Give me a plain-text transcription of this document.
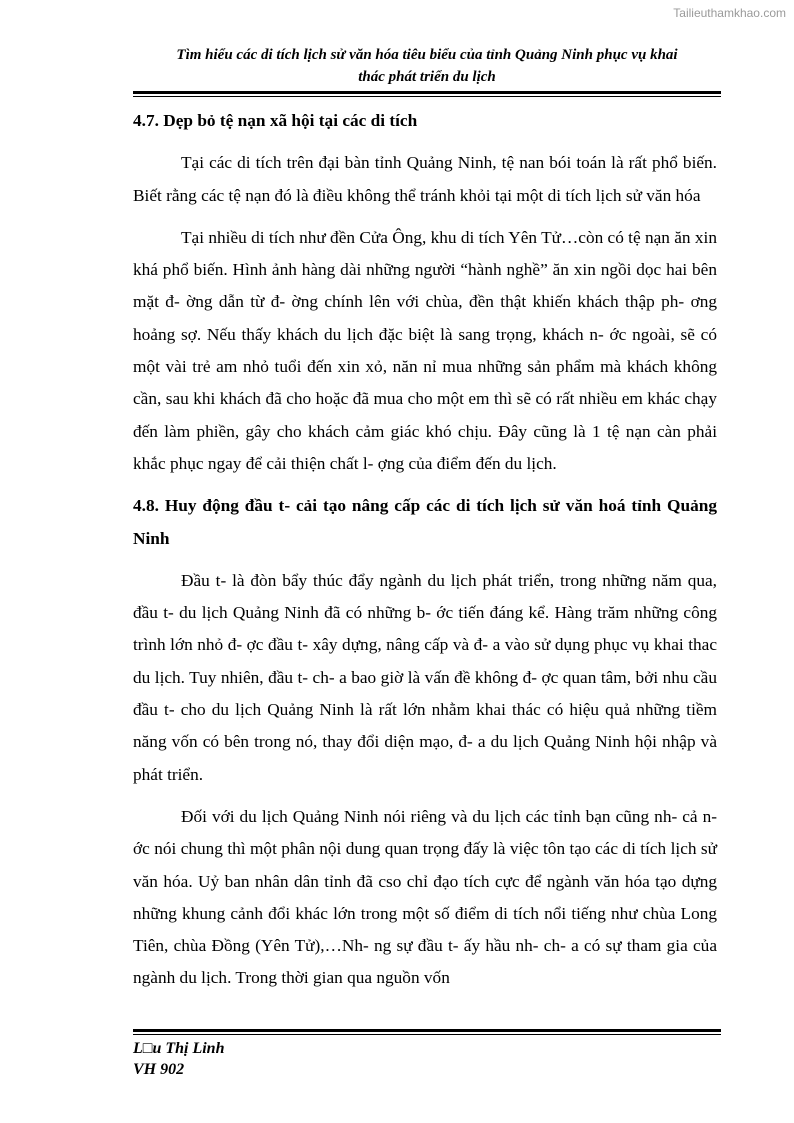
Tailieuthamkhao.com
Tìm hiểu các di tích lịch sử văn hóa tiêu biểu của tỉnh Quảng Ninh phục vụ khai
thác phát triển du lịch
4.7. Dẹp bỏ tệ nạn xã hội tại các di tích

Tại các di tích trên đại bàn tỉnh Quảng Ninh, tệ nan bói toán là rất phổ biến. Biết rằng các tệ nạn đó là điều không thể tránh khỏi tại một di tích lịch sử văn hóa

Tại nhiều di tích như đền Cửa Ông, khu di tích Yên Tử…còn có tệ nạn ăn xin khá phổ biến. Hình ảnh hàng dài những người “hành nghề” ăn xin ngồi dọc hai bên mặt đ- ờng dẫn từ đ- ờng chính lên với chùa, đền thật khiến khách thập ph- ơng hoảng sợ. Nếu thấy khách du lịch đặc biệt là sang trọng, khách n- ớc ngoài, sẽ có một vài trẻ am nhỏ tuổi đến xin xỏ, năn nỉ mua những sản phẩm mà khách không cần, sau khi khách đã cho hoặc đã mua cho một em thì sẽ có rất nhiều em khác chạy đến làm phiền, gây cho khách cảm giác khó chịu. Đây cũng là 1 tệ nạn càn phải khắc phục ngay để cải thiện chất l- ợng của điểm đến du lịch.

4.8. Huy động đầu t- cải tạo nâng cấp các di tích lịch sử văn hoá tỉnh Quảng Ninh

Đầu t- là đòn bẩy thúc đẩy ngành du lịch phát triển, trong những năm qua, đầu t- du lịch Quảng Ninh đã có những b- ớc tiến đáng kể. Hàng trăm những công trình lớn nhỏ đ- ợc đầu t- xây dựng, nâng cấp và đ- a vào sử dụng phục vụ khai thac du lịch. Tuy nhiên, đầu t- ch- a bao giờ là vấn đề không đ- ợc quan tâm, bởi nhu cầu đầu t- cho du lịch Quảng Ninh là rất lớn nhằm khai thác có hiệu quả những tiềm năng vốn có bên trong nó, thay đổi diện mạo, đ- a du lịch Quảng Ninh hội nhập và phát triển.

Đối với du lịch Quảng Ninh nói riêng và du lịch các tỉnh bạn cũng nh- cả n- ớc nói chung thì một phân nội dung quan trọng đấy là việc tôn tạo các di tích lịch sử văn hóa. Uỷ ban nhân dân tỉnh đã cso chỉ đạo tích cực để ngành văn hóa tạo dựng những khung cảnh đổi khác lớn trong một số điểm di tích nổi tiếng như chùa Long Tiên, chùa Đồng (Yên Tử),…Nh- ng sự đầu t- ấy hầu nh- ch- a có sự tham gia của ngành du lịch. Trong thời gian qua nguồn vốn

L□u Thị Linh
VH 902
